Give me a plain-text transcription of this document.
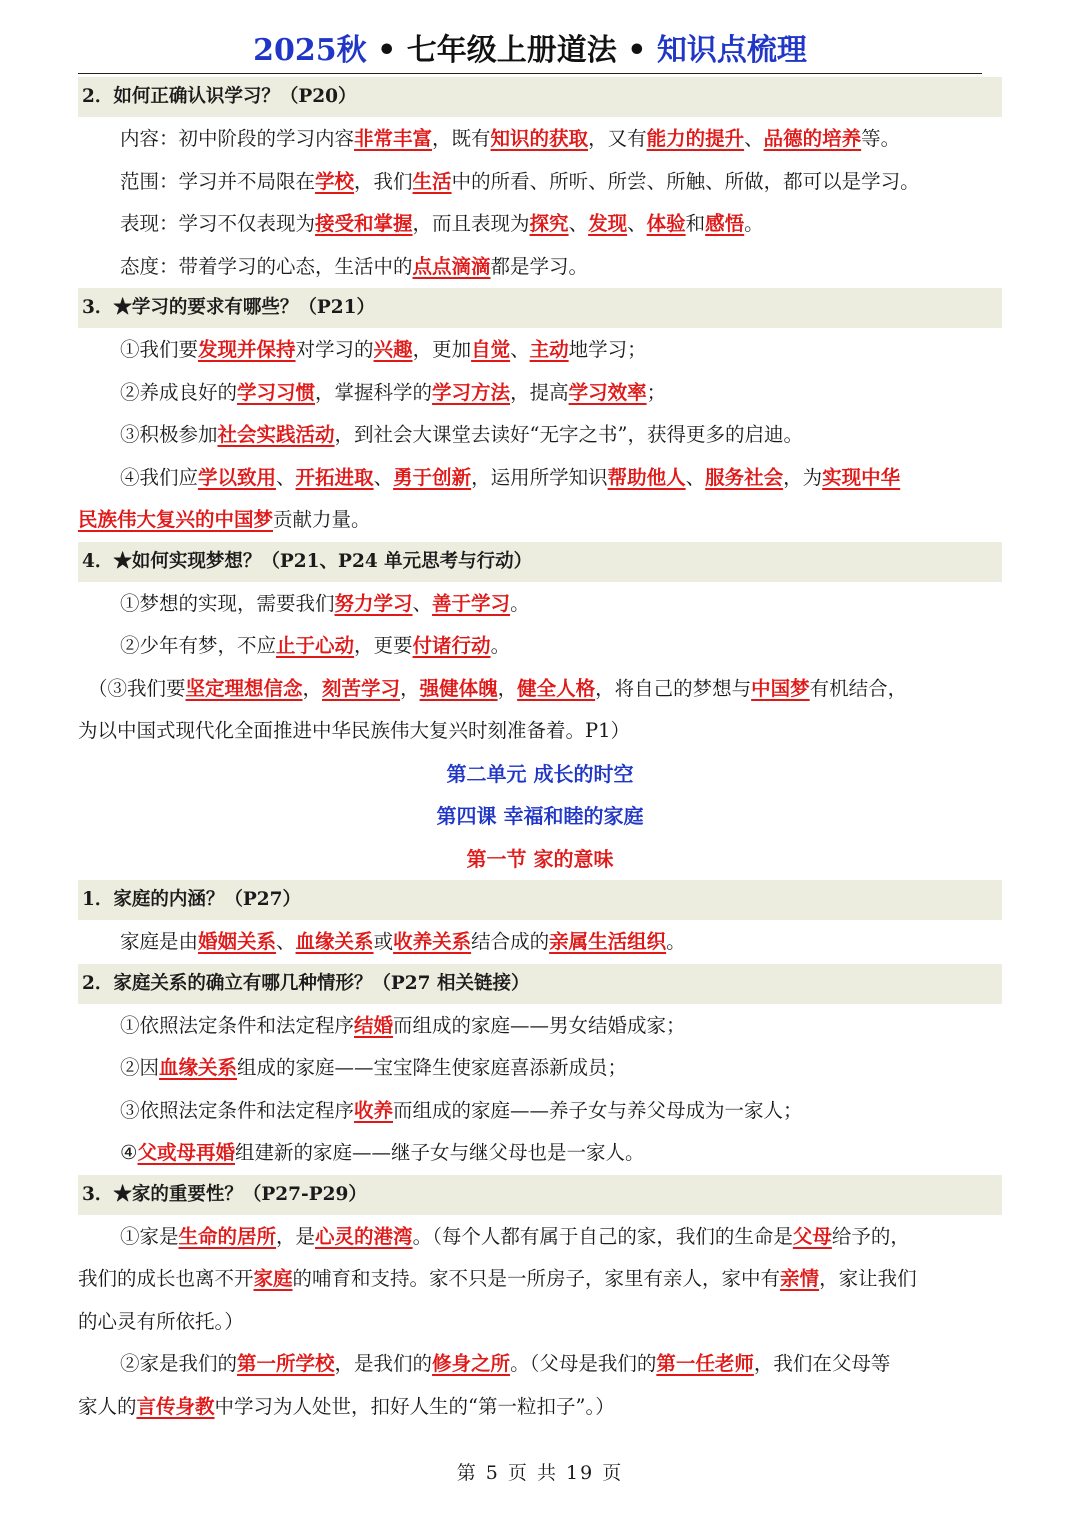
2025秋 • 七年级上册道法 • 知识点梳理
2．如何正确认识学习？（P20）
内容：初中阶段的学习内容非常丰富，既有知识的获取，又有能力的提升、品德的培养等。
范围：学习并不局限在学校，我们生活中的所看、所听、所尝、所触、所做，都可以是学习。
表现：学习不仅表现为接受和掌握，而且表现为探究、发现、体验和感悟。
态度：带着学习的心态，生活中的点点滴滴都是学习。
3．★学习的要求有哪些？（P21）
①我们要发现并保持对学习的兴趣，更加自觉、主动地学习；
②养成良好的学习习惯，掌握科学的学习方法，提高学习效率；
③积极参加社会实践活动，到社会大课堂去读好“无字之书”，获得更多的启迪。
④我们应学以致用、开拓进取、勇于创新，运用所学知识帮助他人、服务社会，为实现中华
民族伟大复兴的中国梦贡献力量。
4．★如何实现梦想？（P21、P24 单元思考与行动）
①梦想的实现，需要我们努力学习、善于学习。
②少年有梦，不应止于心动，更要付诸行动。
（③我们要坚定理想信念，刻苦学习，强健体魄，健全人格，将自己的梦想与中国梦有机结合，
为以中国式现代化全面推进中华民族伟大复兴时刻准备着。P1）
第二单元 成长的时空
第四课 幸福和睦的家庭
第一节 家的意味
1．家庭的内涵？（P27）
家庭是由婚姻关系、血缘关系或收养关系结合成的亲属生活组织。
2．家庭关系的确立有哪几种情形？（P27 相关链接）
①依照法定条件和法定程序结婚而组成的家庭——男女结婚成家；
②因血缘关系组成的家庭——宝宝降生使家庭喜添新成员；
③依照法定条件和法定程序收养而组成的家庭——养子女与养父母成为一家人；
④父或母再婚组建新的家庭——继子女与继父母也是一家人。
3．★家的重要性？（P27-P29）
①家是生命的居所，是心灵的港湾。（每个人都有属于自己的家，我们的生命是父母给予的，
我们的成长也离不开家庭的哺育和支持。家不只是一所房子，家里有亲人，家中有亲情，家让我们
的心灵有所依托。）
②家是我们的第一所学校，是我们的修身之所。（父母是我们的第一任老师，我们在父母等
家人的言传身教中学习为人处世，扣好人生的“第一粒扣子”。）
第 5 页 共 19 页
